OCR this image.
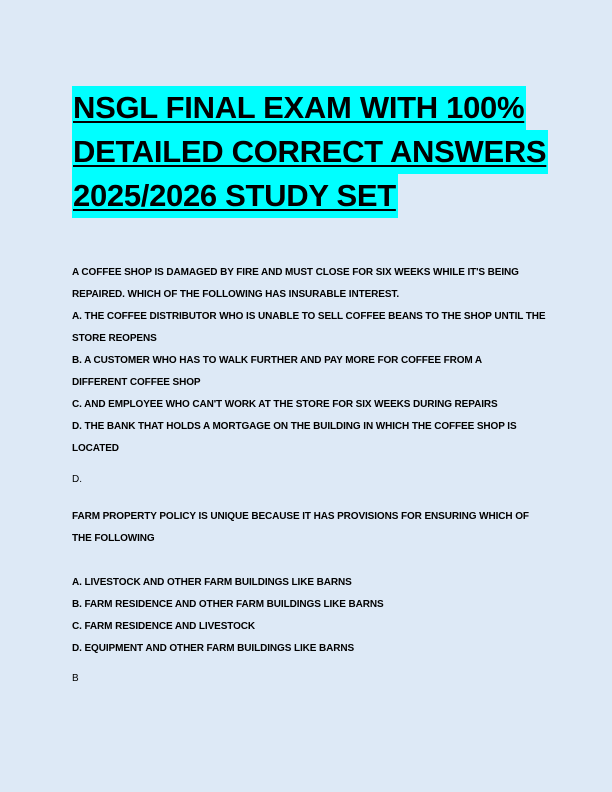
NSGL FINAL EXAM WITH 100%
DETAILED CORRECT ANSWERS
2025/2026 STUDY SET

A COFFEE SHOP IS DAMAGED BY FIRE AND MUST CLOSE FOR SIX WEEKS WHILE IT'S BEING

REPAIRED. WHICH OF THE FOLLOWING HAS INSURABLE INTEREST.

A. THE COFFEE DISTRIBUTOR WHO IS UNABLE TO SELL COFFEE BEANS TO THE SHOP UNTIL THE

STORE REOPENS

B. A CUSTOMER WHO HAS TO WALK FURTHER AND PAY MORE FOR COFFEE FROM A

DIFFERENT COFFEE SHOP

C. AND EMPLOYEE WHO CAN'T WORK AT THE STORE FOR SIX WEEKS DURING REPAIRS

D. THE BANK THAT HOLDS A MORTGAGE ON THE BUILDING IN WHICH THE COFFEE SHOP IS

LOCATED

D.

FARM PROPERTY POLICY IS UNIQUE BECAUSE IT HAS PROVISIONS FOR ENSURING WHICH OF

THE FOLLOWING

A. LIVESTOCK AND OTHER FARM BUILDINGS LIKE BARNS

B. FARM RESIDENCE AND OTHER FARM BUILDINGS LIKE BARNS

C. FARM RESIDENCE AND LIVESTOCK

D. EQUIPMENT AND OTHER FARM BUILDINGS LIKE BARNS

B
